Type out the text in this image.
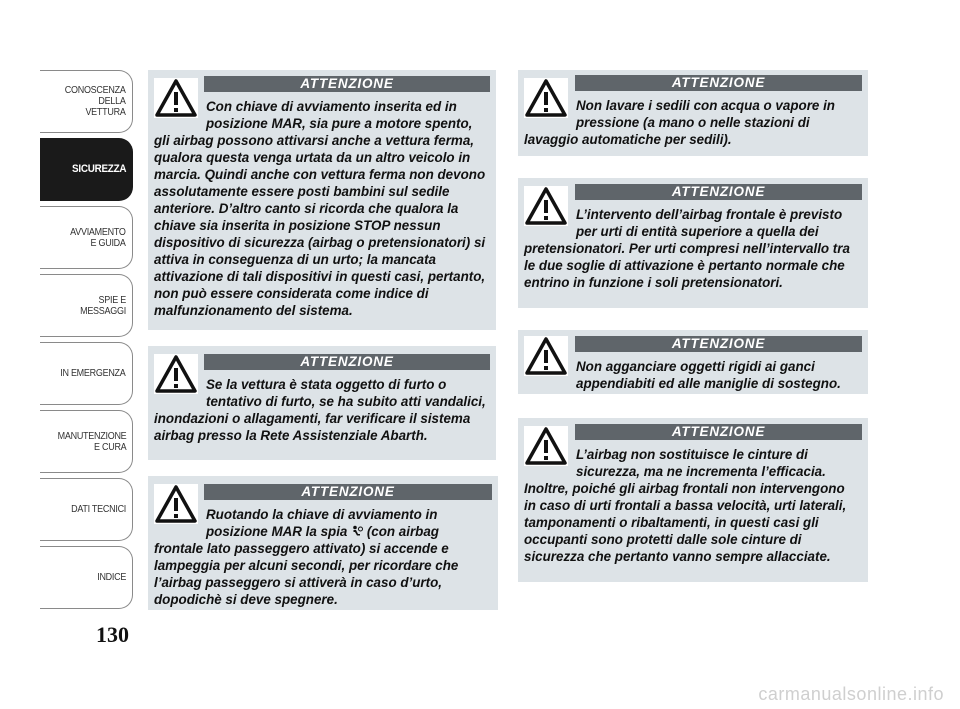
CONOSCENZA
DELLA
VETTURA
SICUREZZA
AVVIAMENTO
E GUIDA
SPIE E
MESSAGGI
IN EMERGENZA
MANUTENZIONE
E CURA
DATI TECNICI
INDICE
130
ATTENZIONE

Con chiave di avviamento inserita ed in posizione MAR, sia pure a motore spento, gli airbag possono attivarsi anche a vettura ferma, qualora questa venga urtata da un altro veicolo in marcia. Quindi anche con vettura ferma non devono assolutamente essere posti bambini sul sedile anteriore. D’altro canto si ricorda che qualora la chiave sia inserita in posizione STOP nessun dispositivo di sicurezza (airbag o pretensionatori) si attiva in conseguenza di un urto; la mancata attivazione di tali dispositivi in questi casi, pertanto, non può essere considerata come indice di malfunzionamento del sistema.

ATTENZIONE

Se la vettura è stata oggetto di furto o tentativo di furto, se ha subito atti vandalici, inondazioni o allagamenti, far verificare il sistema airbag presso la Rete Assistenziale Abarth.

ATTENZIONE

Ruotando la chiave di avviamento in posizione MAR la spia  (con airbag frontale lato passeggero attivato) si accende e lampeggia per alcuni secondi, per ricordare che l’airbag passeggero si attiverà in caso d’urto, dopodichè si deve spegnere.

ATTENZIONE

Non lavare i sedili con acqua o vapore in pressione (a mano o nelle stazioni di lavaggio automatiche per sedili).

ATTENZIONE

L’intervento dell’airbag frontale è previsto per urti di entità superiore a quella dei pretensionatori. Per urti compresi nell’intervallo tra le due soglie di attivazione è pertanto normale che entrino in funzione i soli pretensionatori.

ATTENZIONE

Non agganciare oggetti rigidi ai ganci appendiabiti ed alle maniglie di sostegno.

ATTENZIONE

L’airbag non sostituisce le cinture di sicurezza, ma ne incrementa l’efficacia. Inoltre, poiché gli airbag frontali non intervengono in caso di urti frontali a bassa velocità, urti laterali, tamponamenti o ribaltamenti, in questi casi gli occupanti sono protetti dalle sole cinture di sicurezza che pertanto vanno sempre allacciate.

carmanualsonline.info
